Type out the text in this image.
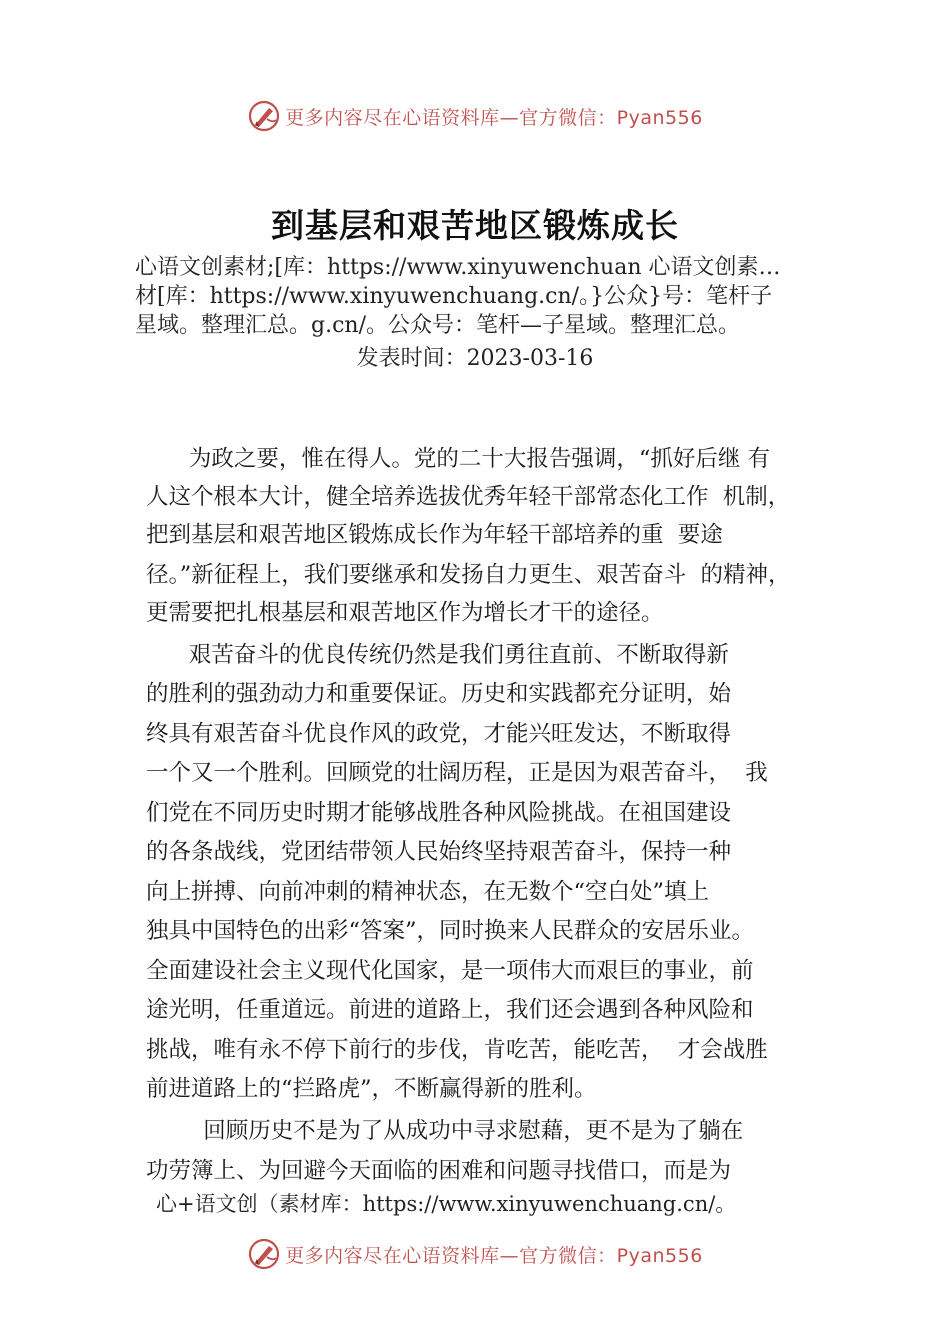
更多内容尽在心语资料库—官方微信：Pyan556
到基层和艰苦地区锻炼成长
心语文创素材;[库：https://www.xinyuwenchuan 心语文创素…
材[库：https://www.xinyuwenchuang.cn/。}公众}号：笔杆子
星域。整理汇总。g.cn/。公众号：笔杆—子星域。整理汇总。
发表时间：2023-03-16
为政之要，惟在得人。党的二十大报告强调，“抓好后继 有
人这个根本大计，健全培养选拔优秀年轻干部常态化工作  机制，
把到基层和艰苦地区锻炼成长作为年轻干部培养的重  要途
径。”新征程上，我们要继承和发扬自力更生、艰苦奋斗  的精神，
更需要把扎根基层和艰苦地区作为增长才干的途径。
艰苦奋斗的优良传统仍然是我们勇往直前、不断取得新
的胜利的强劲动力和重要保证。历史和实践都充分证明，始
终具有艰苦奋斗优良作风的政党，才能兴旺发达，不断取得
一个又一个胜利。回顾党的壮阔历程，正是因为艰苦奋斗，  我
们党在不同历史时期才能够战胜各种风险挑战。在祖国建设
的各条战线，党团结带领人民始终坚持艰苦奋斗，保持一种
向上拼搏、向前冲刺的精神状态，在无数个“空白处”填上
独具中国特色的出彩“答案”，同时换来人民群众的安居乐业。
全面建设社会主义现代化国家，是一项伟大而艰巨的事业，前
途光明，任重道远。前进的道路上，我们还会遇到各种风险和
挑战，唯有永不停下前行的步伐，肯吃苦，能吃苦，  才会战胜
前进道路上的“拦路虎”，不断赢得新的胜利。
回顾历史不是为了从成功中寻求慰藉，更不是为了躺在
功劳簿上、为回避今天面临的困难和问题寻找借口，而是为
心+语文创（素材库：https://www.xinyuwenchuang.cn/。
更多内容尽在心语资料库—官方微信：Pyan556
